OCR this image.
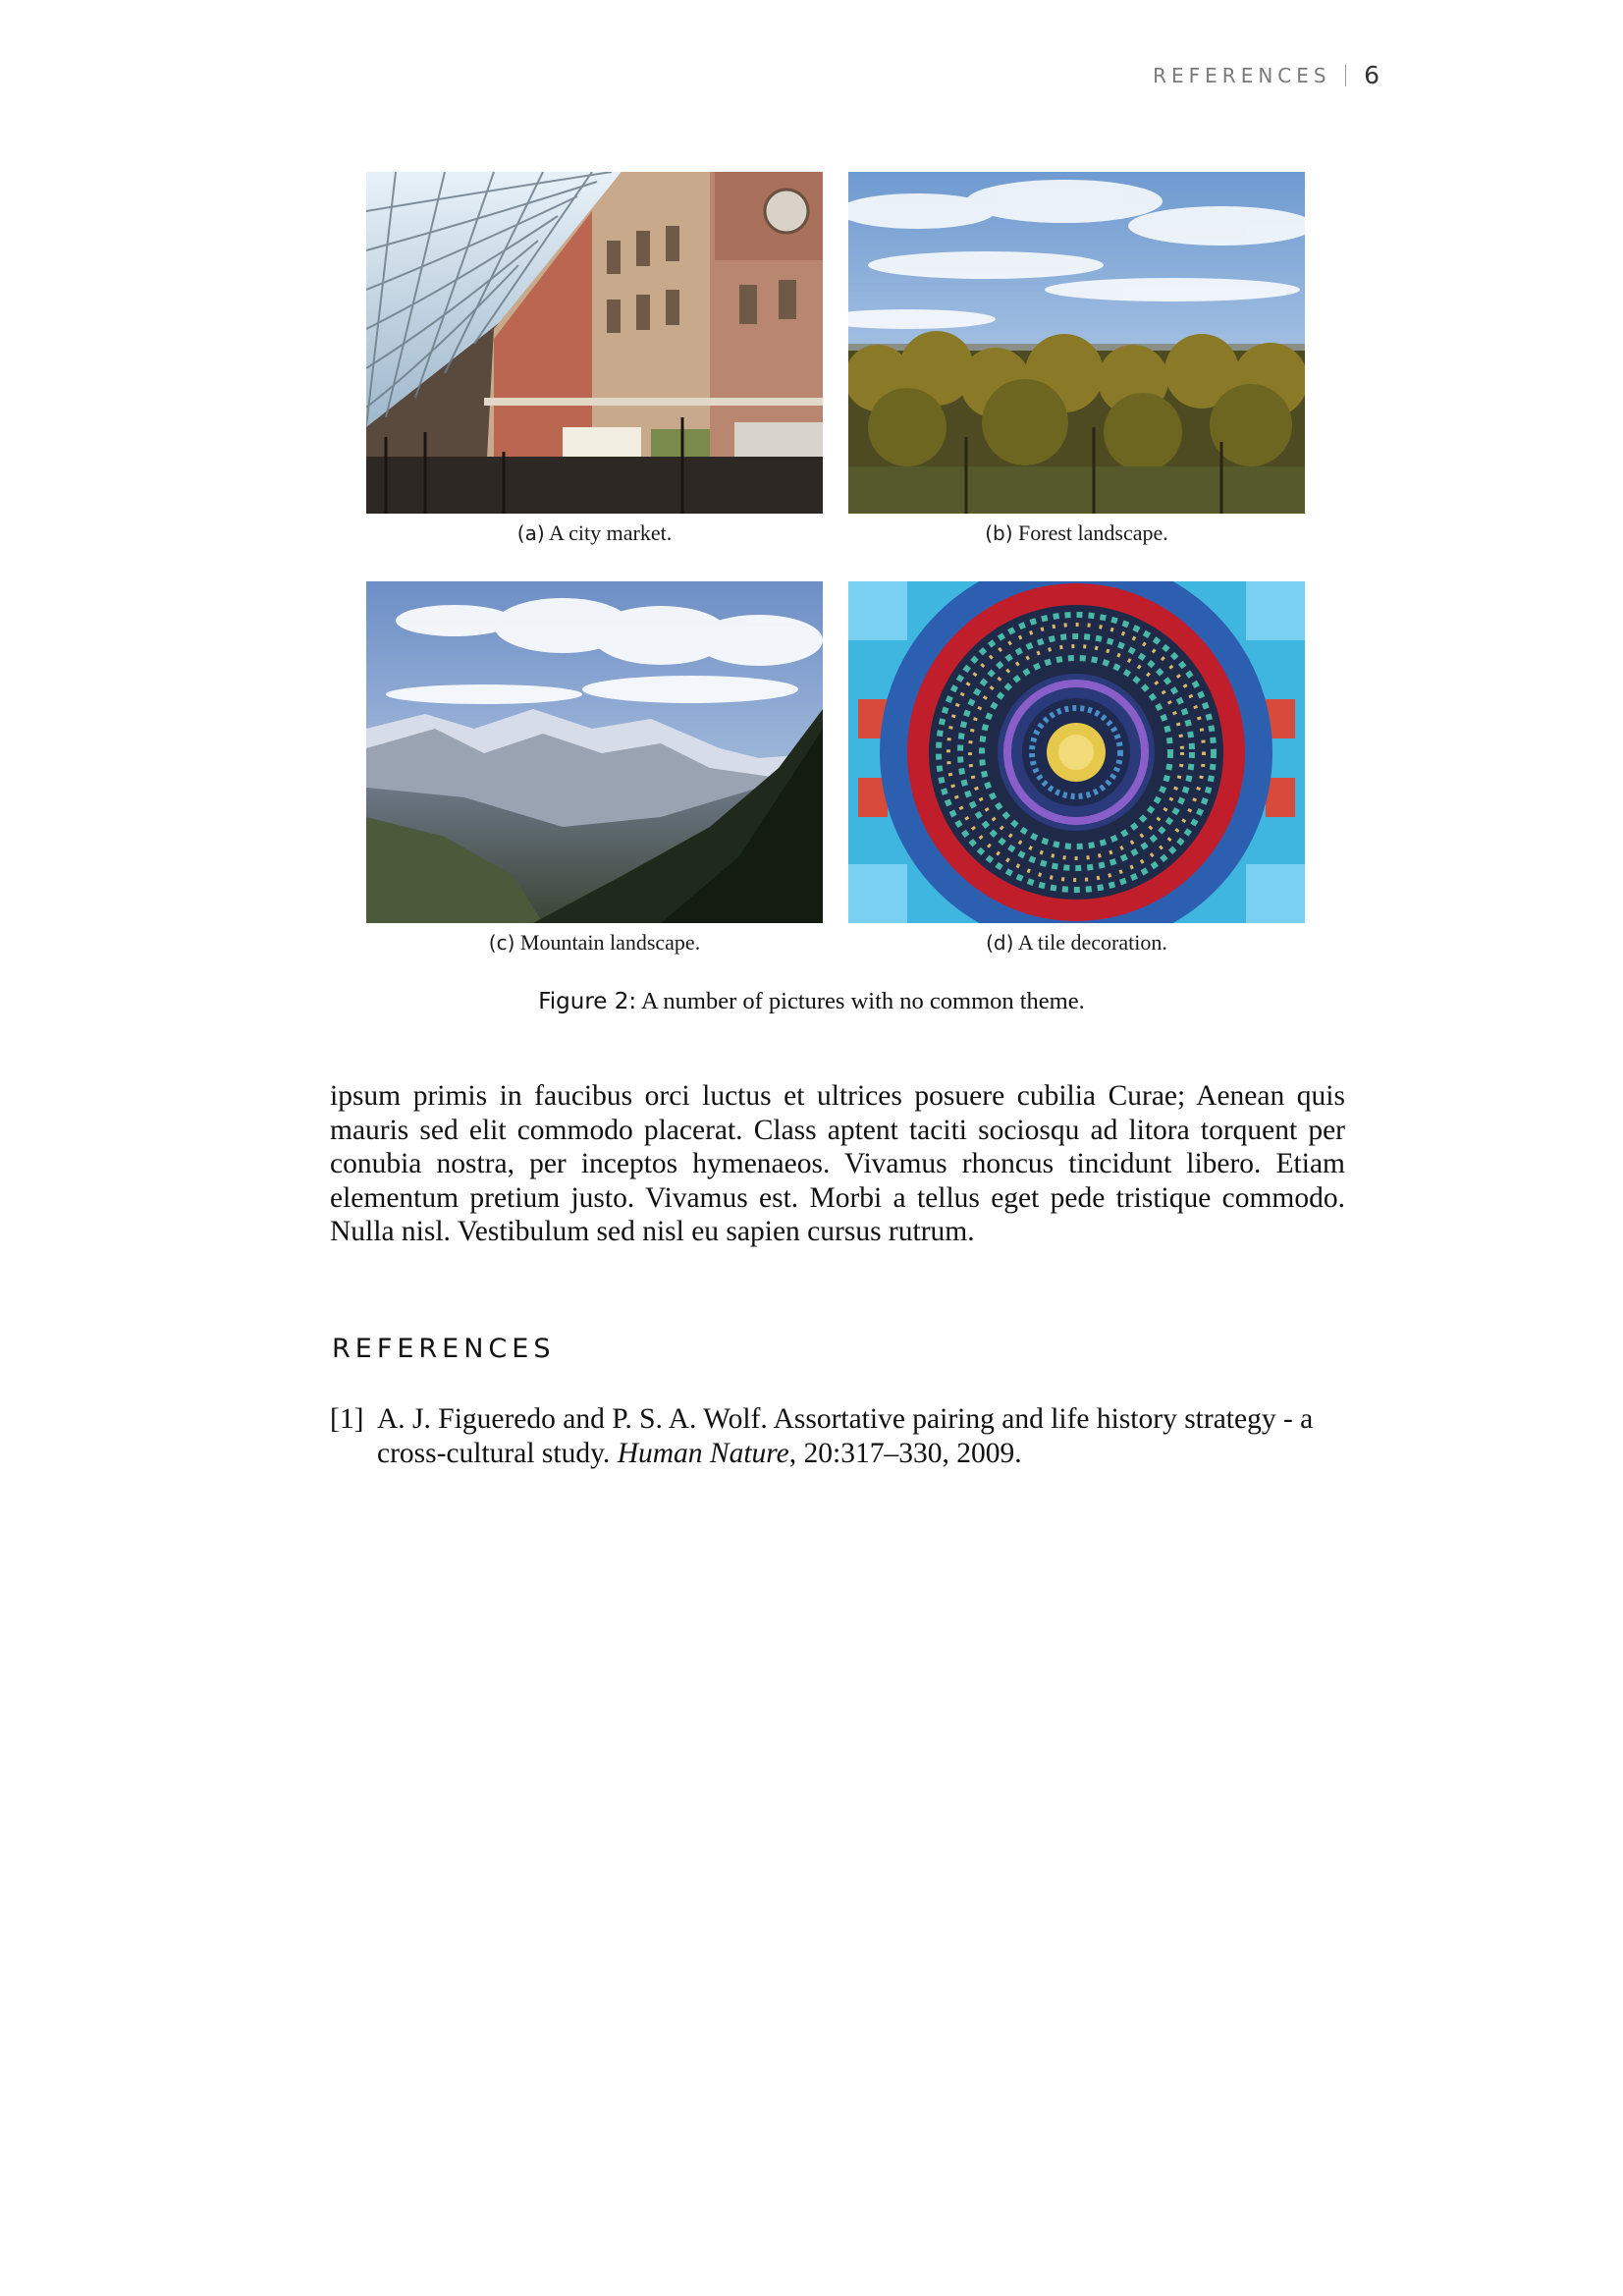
REFERENCES 6
(a) A city market.	(b) Forest landscape.
(c) Mountain landscape.	(d) A tile decoration.
Figure 2: A number of pictures with no common theme.

ipsum primis in faucibus orci luctus et ultrices posuere cubilia Curae; Aenean quis mauris sed elit commodo placerat. Class aptent taciti sociosqu ad litora torquent per conubia nostra, per inceptos hymenaeos. Vivamus rhoncus tincidunt libero. Etiam elementum pretium justo. Vivamus est. Morbi a tellus eget pede tristique commodo. Nulla nisl. Vestibulum sed nisl eu sapien cursus rutrum.

REFERENCES
[1] A. J. Figueredo and P. S. A. Wolf. Assortative pairing and life history strategy - a cross-cultural study. Human Nature, 20:317–330, 2009.
